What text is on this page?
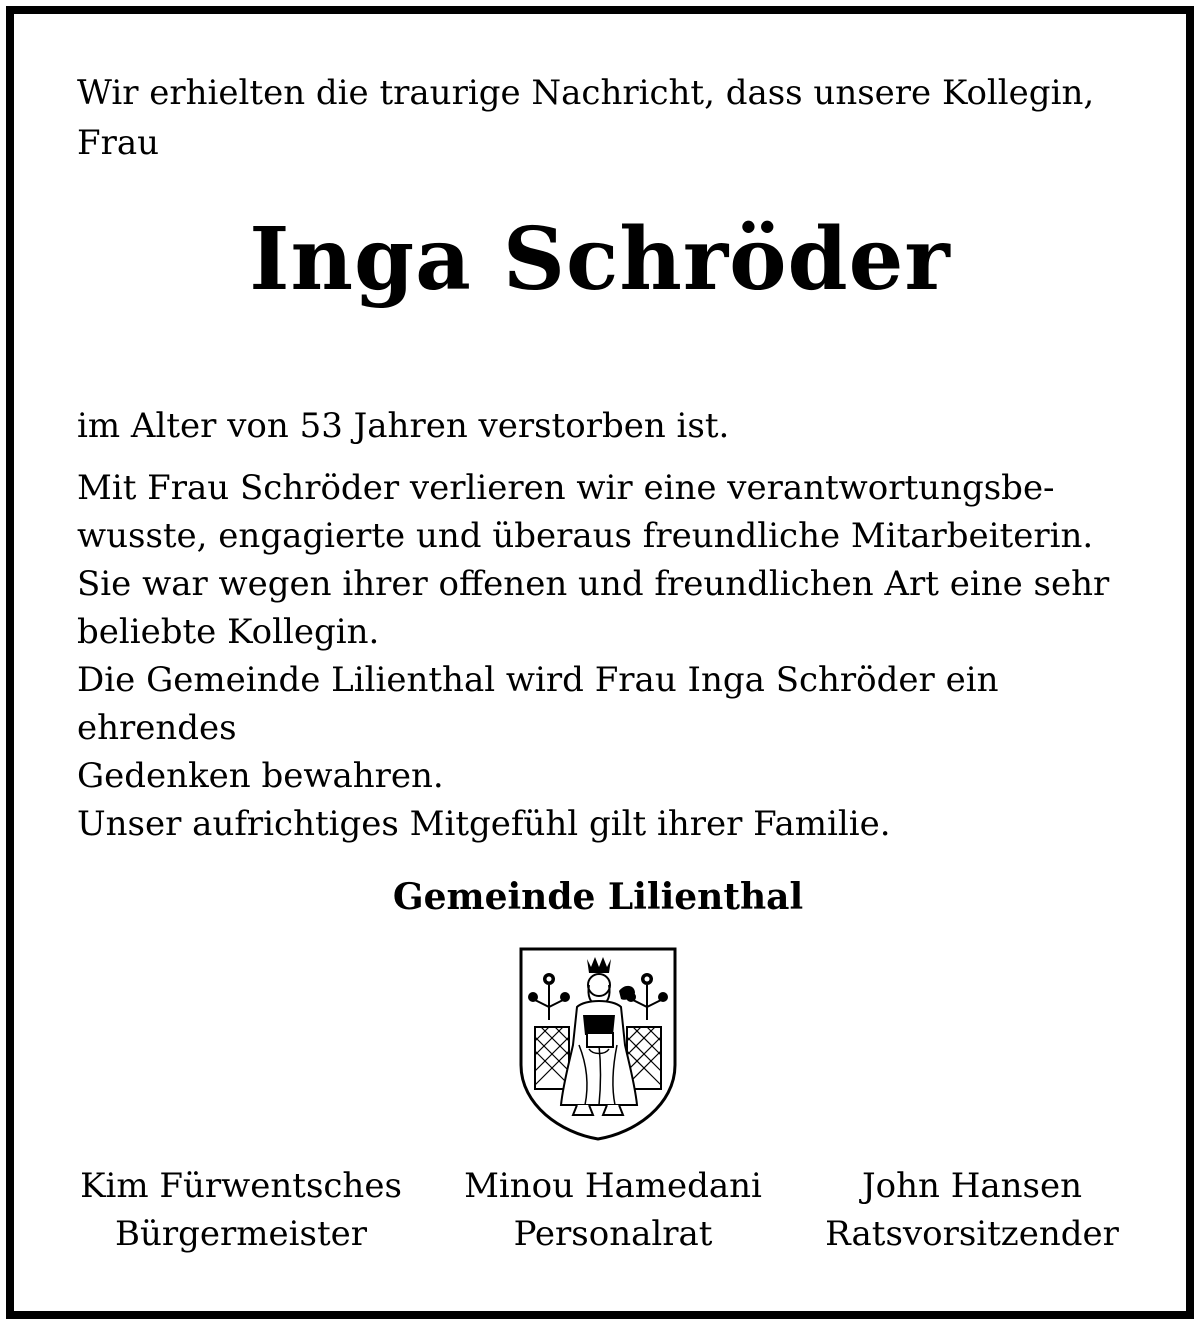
Wir erhielten die traurige Nachricht, dass unsere Kollegin,
Frau

Inga Schröder

im Alter von 53 Jahren verstorben ist.

Mit Frau Schröder verlieren wir eine verantwortungsbe-
wusste, engagierte und überaus freundliche Mitarbeiterin.
Sie war wegen ihrer offenen und freundlichen Art eine sehr
beliebte Kollegin.
Die Gemeinde Lilienthal wird Frau Inga Schröder ein ehrendes
Gedenken bewahren.
Unser aufrichtiges Mitgefühl gilt ihrer Familie.

Gemeinde Lilienthal
Kim Fürwentsches
Bürgermeister
Minou Hamedani
Personalrat
John Hansen
Ratsvorsitzender
